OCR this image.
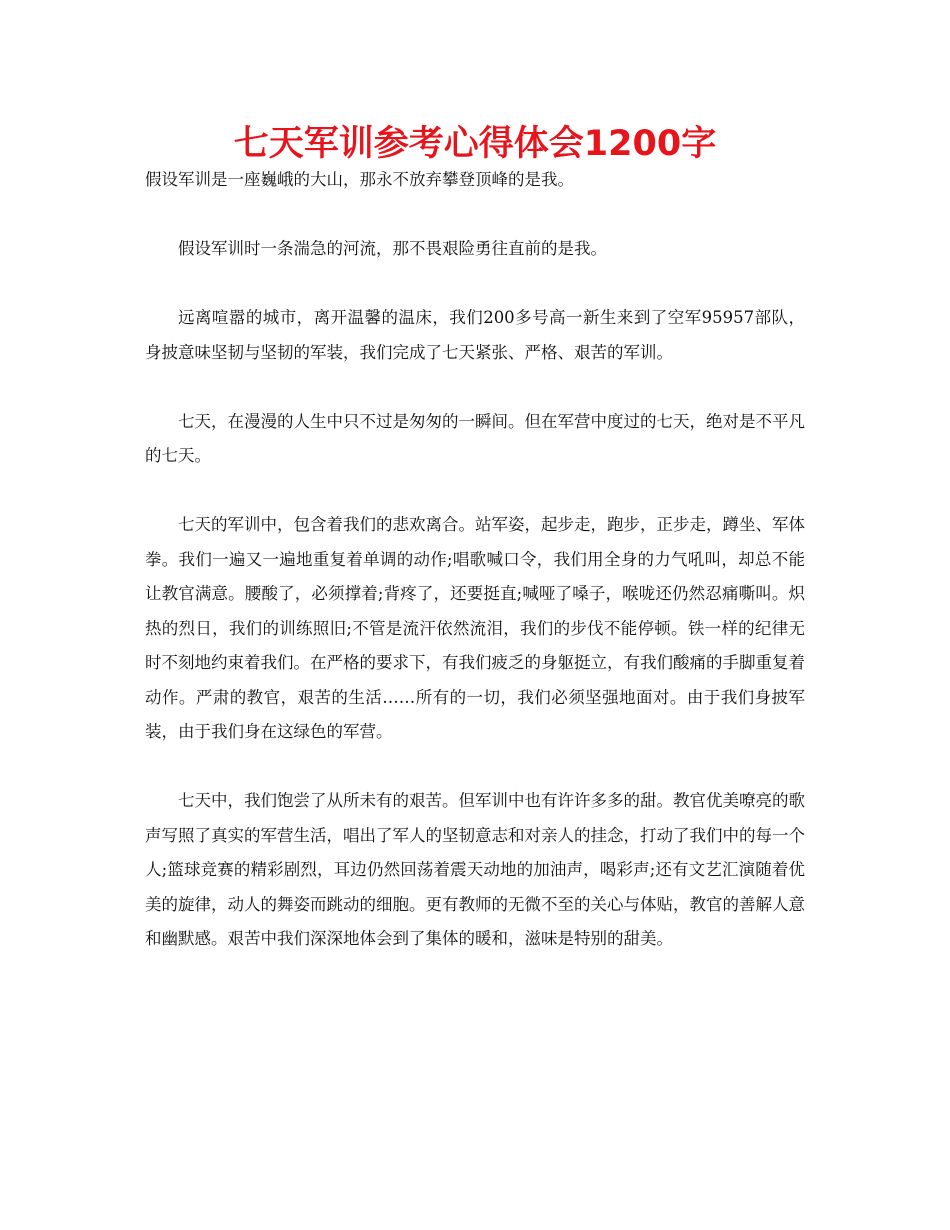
七天军训参考心得体会1200字

假设军训是一座巍峨的大山，那永不放弃攀登顶峰的是我。

假设军训时一条湍急的河流，那不畏艰险勇往直前的是我。

远离喧嚣的城市，离开温馨的温床，我们200多号高一新生来到了空军95957部队，身披意味坚韧与坚韧的军装，我们完成了七天紧张、严格、艰苦的军训。

七天，在漫漫的人生中只不过是匆匆的一瞬间。但在军营中度过的七天，绝对是不平凡的七天。

七天的军训中，包含着我们的悲欢离合。站军姿，起步走，跑步，正步走，蹲坐、军体拳。我们一遍又一遍地重复着单调的动作;唱歌喊口令，我们用全身的力气吼叫，却总不能让教官满意。腰酸了，必须撑着;背疼了，还要挺直;喊哑了嗓子，喉咙还仍然忍痛嘶叫。炽热的烈日，我们的训练照旧;不管是流汗依然流泪，我们的步伐不能停顿。铁一样的纪律无时不刻地约束着我们。在严格的要求下，有我们疲乏的身躯挺立，有我们酸痛的手脚重复着动作。严肃的教官，艰苦的生活……所有的一切，我们必须坚强地面对。由于我们身披军装，由于我们身在这绿色的军营。

七天中，我们饱尝了从所未有的艰苦。但军训中也有许许多多的甜。教官优美嘹亮的歌声写照了真实的军营生活，唱出了军人的坚韧意志和对亲人的挂念，打动了我们中的每一个人;篮球竞赛的精彩剧烈，耳边仍然回荡着震天动地的加油声，喝彩声;还有文艺汇演随着优美的旋律，动人的舞姿而跳动的细胞。更有教师的无微不至的关心与体贴，教官的善解人意和幽默感。艰苦中我们深深地体会到了集体的暖和，滋味是特别的甜美。
